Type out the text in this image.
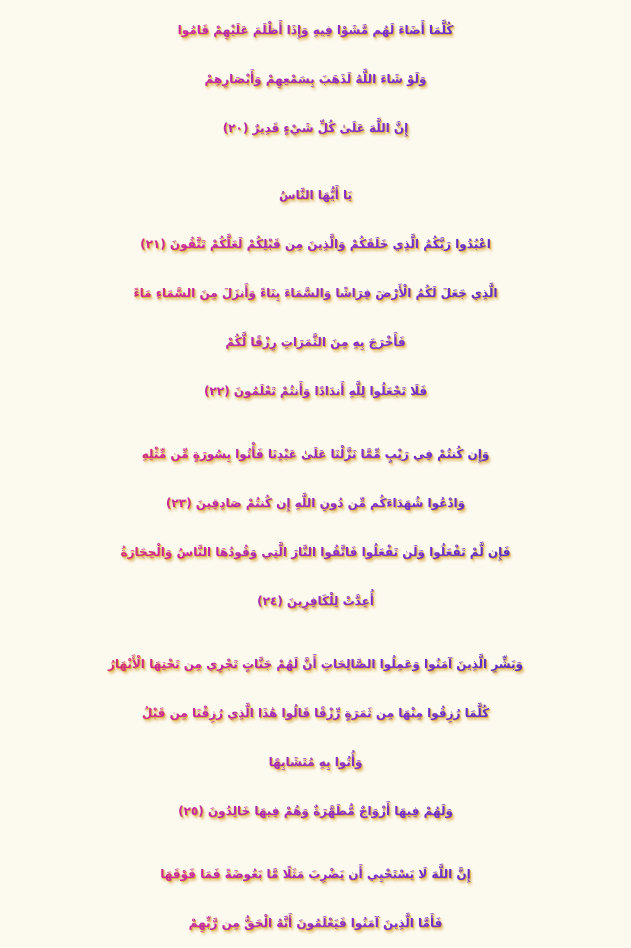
كُلَّمَا أَضَاءَ لَهُم مَّشَوْا فِيهِ وَإِذَا أَظْلَمَ عَلَيْهِمْ قَامُوا
وَلَوْ شَاءَ اللَّهُ لَذَهَبَ بِسَمْعِهِمْ وَأَبْصَارِهِمْ
إِنَّ اللَّهَ عَلَىٰ كُلِّ شَيْءٍ قَدِيرٌ (٢٠)
يَا أَيُّهَا النَّاسُ
اعْبُدُوا رَبَّكُمُ الَّذِي خَلَقَكُمْ وَالَّذِينَ مِن قَبْلِكُمْ لَعَلَّكُمْ تَتَّقُونَ (٢١)
الَّذِي جَعَلَ لَكُمُ الْأَرْضَ فِرَاشًا وَالسَّمَاءَ بِنَاءً وَأَنزَلَ مِنَ السَّمَاءِ مَاءً
فَأَخْرَجَ بِهِ مِنَ الثَّمَرَاتِ رِزْقًا لَّكُمْ
فَلَا تَجْعَلُوا لِلَّهِ أَندَادًا وَأَنتُمْ تَعْلَمُونَ (٢٢)
وَإِن كُنتُمْ فِي رَيْبٍ مِّمَّا نَزَّلْنَا عَلَىٰ عَبْدِنَا فَأْتُوا بِسُورَةٍ مِّن مِّثْلِهِ
وَادْعُوا شُهَدَاءَكُم مِّن دُونِ اللَّهِ إِن كُنتُمْ صَادِقِينَ (٢٣)
فَإِن لَّمْ تَفْعَلُوا وَلَن تَفْعَلُوا فَاتَّقُوا النَّارَ الَّتِي وَقُودُهَا النَّاسُ وَالْحِجَارَةُ
أُعِدَّتْ لِلْكَافِرِينَ (٢٤)
وَبَشِّرِ الَّذِينَ آمَنُوا وَعَمِلُوا الصَّالِحَاتِ أَنَّ لَهُمْ جَنَّاتٍ تَجْرِي مِن تَحْتِهَا الْأَنْهَارُ
كُلَّمَا رُزِقُوا مِنْهَا مِن ثَمَرَةٍ رِّزْقًا قَالُوا هَٰذَا الَّذِي رُزِقْنَا مِن قَبْلُ
وَأُتُوا بِهِ مُتَشَابِهًا
وَلَهُمْ فِيهَا أَزْوَاجٌ مُّطَهَّرَةٌ وَهُمْ فِيهَا خَالِدُونَ (٢٥)
إِنَّ اللَّهَ لَا يَسْتَحْيِي أَن يَضْرِبَ مَثَلًا مَّا بَعُوضَةً فَمَا فَوْقَهَا
فَأَمَّا الَّذِينَ آمَنُوا فَيَعْلَمُونَ أَنَّهُ الْحَقُّ مِن رَّبِّهِمْ
